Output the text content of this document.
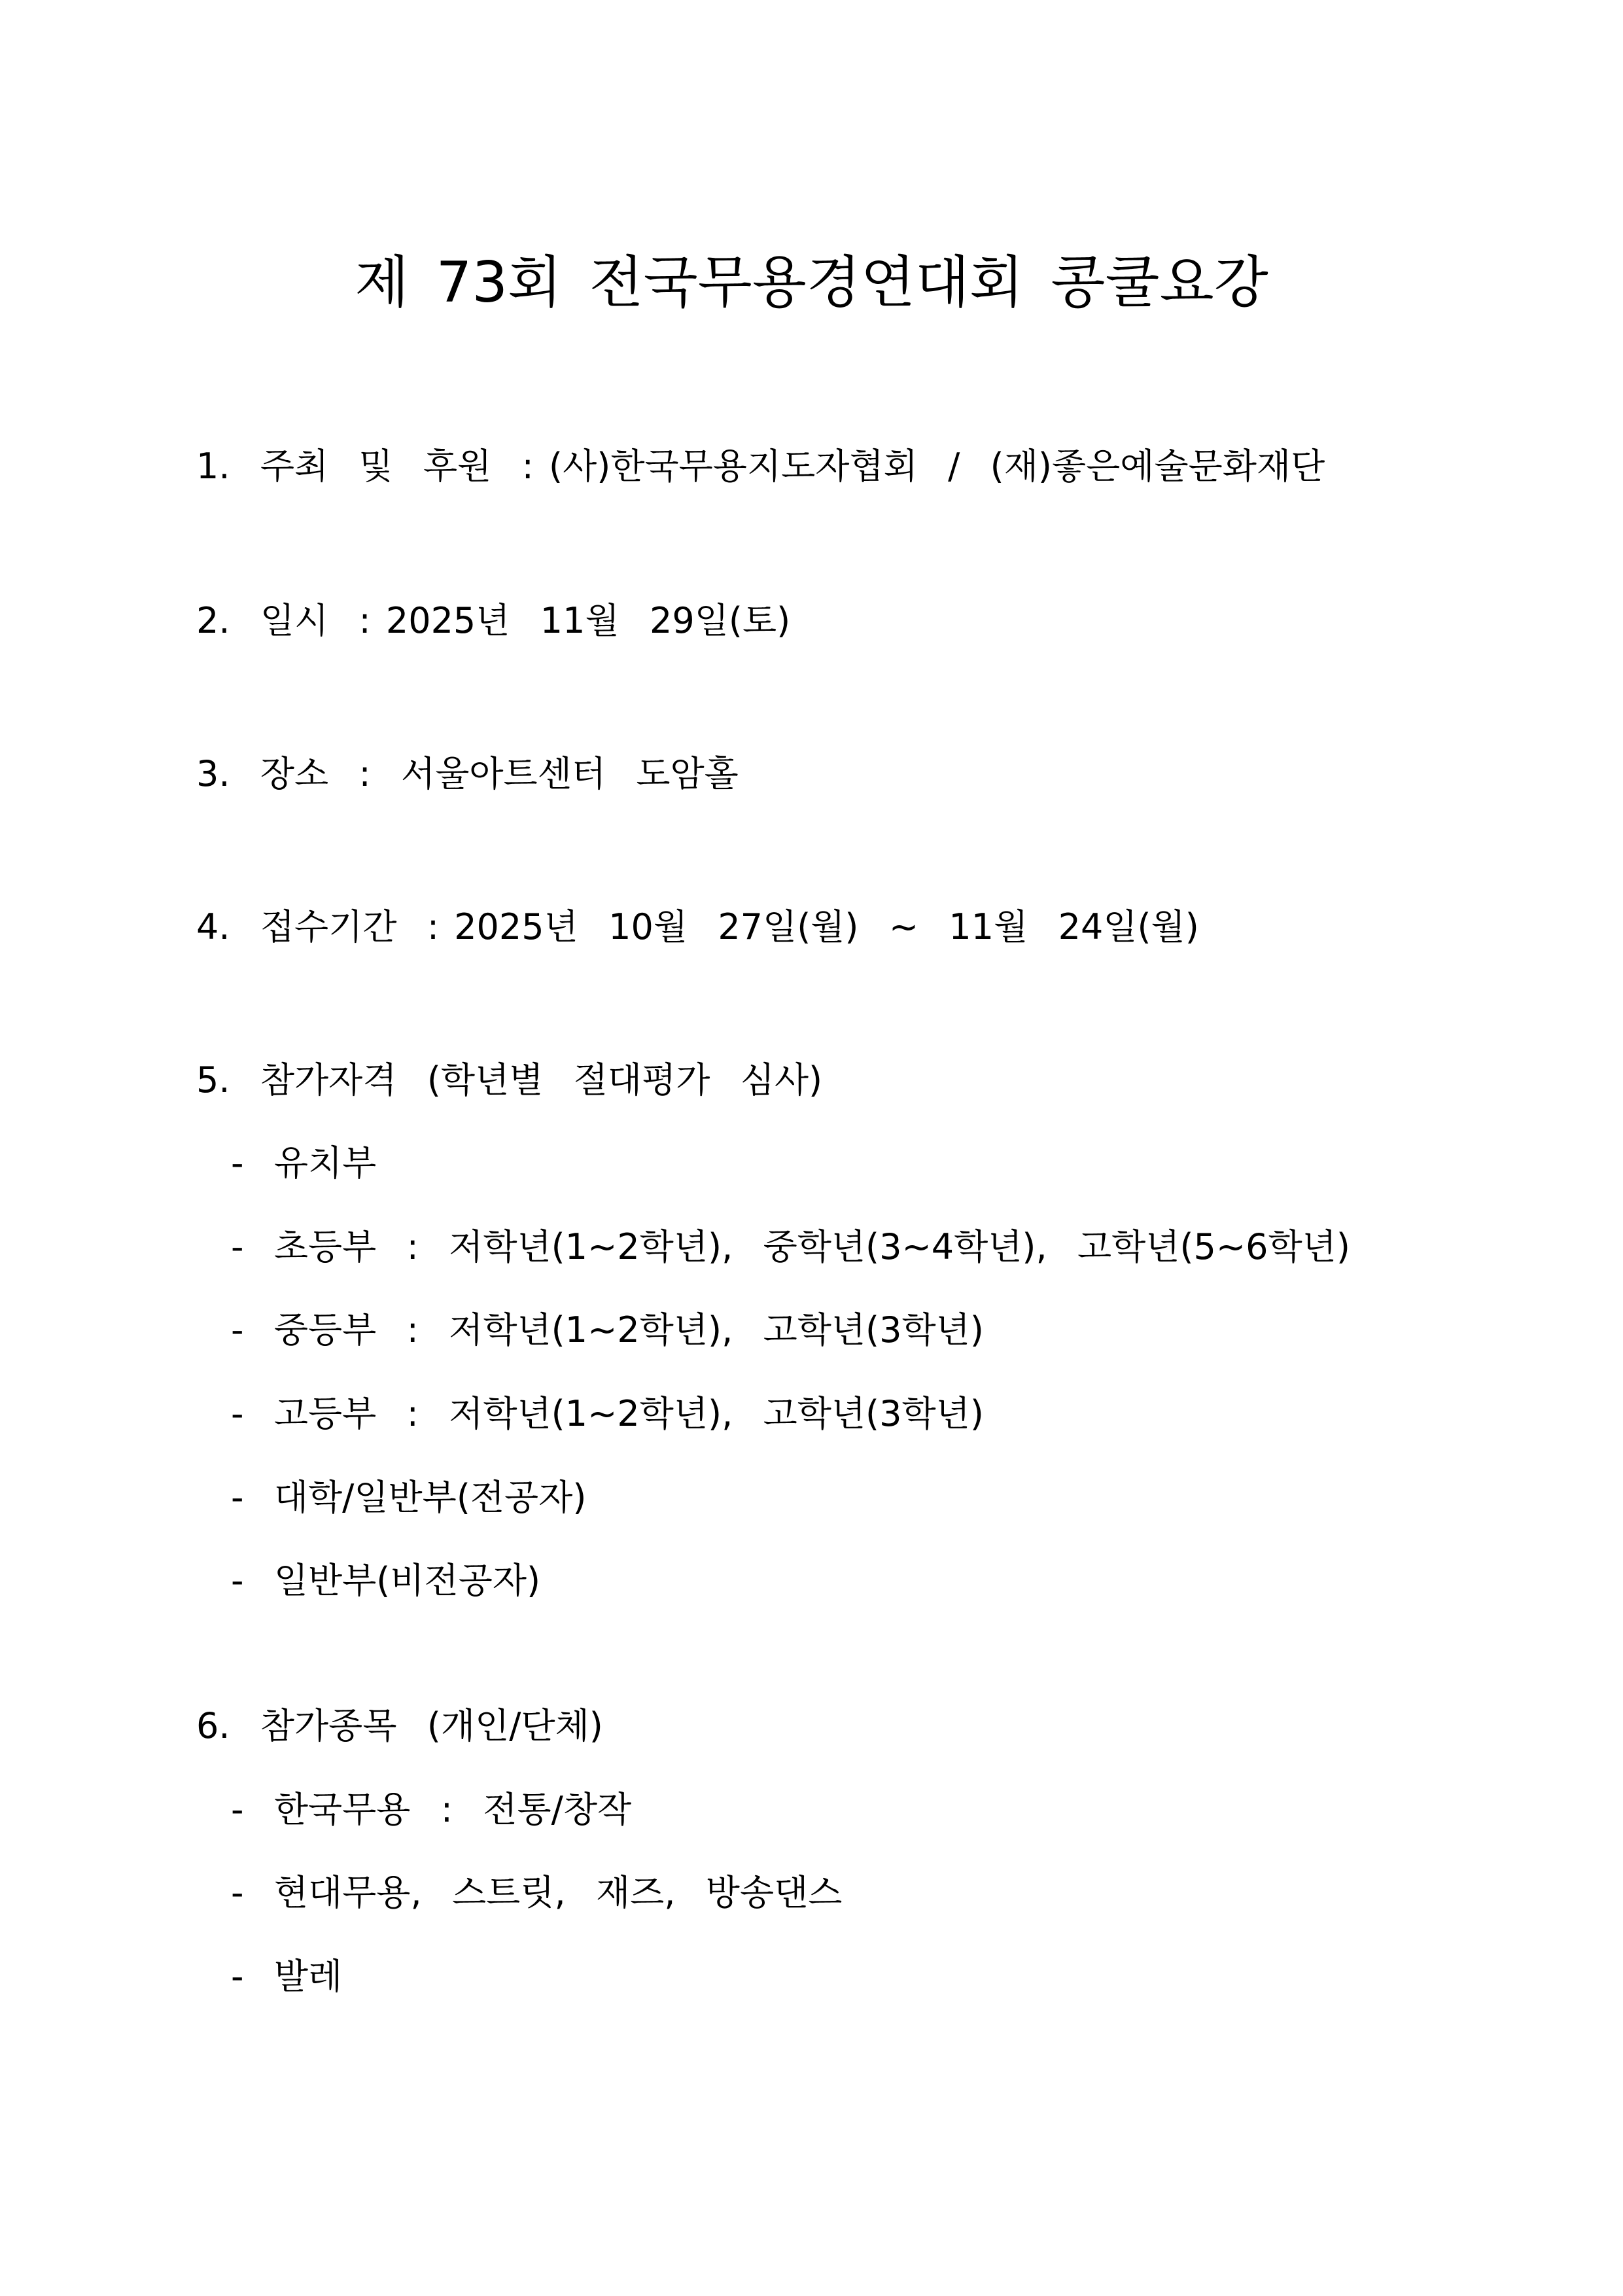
제 73회 전국무용경연대회 콩쿨요강
1.  주최  및  후원  : (사)한국무용지도자협회  /  (재)좋은예술문화재단
2.  일시  : 2025년  11월  29일(토)
3.  장소  :  서울아트센터  도암홀
4.  접수기간  : 2025년  10월  27일(월)  ~  11월  24일(월)
5.  참가자격  (학년별  절대평가  심사)
-  유치부
-  초등부  :  저학년(1~2학년),  중학년(3~4학년),  고학년(5~6학년)
-  중등부  :  저학년(1~2학년),  고학년(3학년)
-  고등부  :  저학년(1~2학년),  고학년(3학년)
-  대학/일반부(전공자)
-  일반부(비전공자)
6.  참가종목  (개인/단체)
-  한국무용  :  전통/창작
-  현대무용,  스트릿,  재즈,  방송댄스
-  발레
